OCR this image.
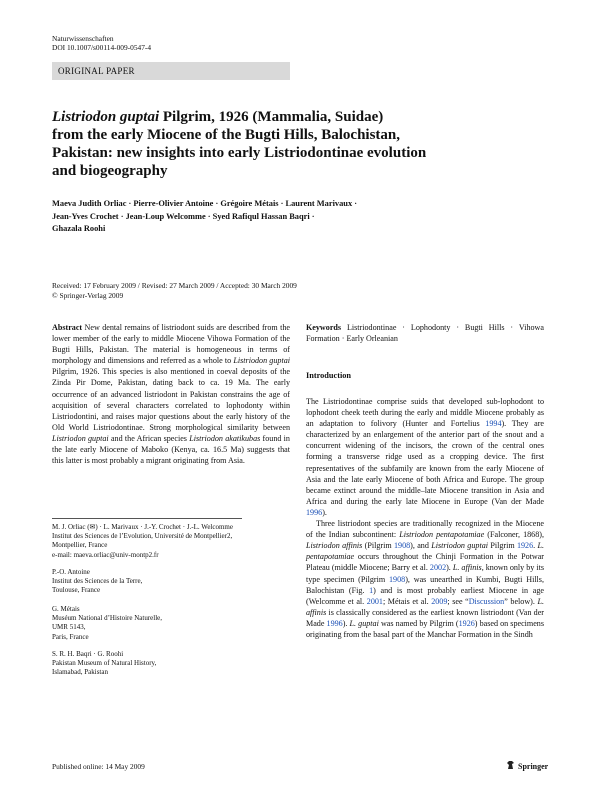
Naturwissenschaften
DOI 10.1007/s00114-009-0547-4
ORIGINAL PAPER
Listriodon guptai Pilgrim, 1926 (Mammalia, Suidae)
from the early Miocene of the Bugti Hills, Balochistan,
Pakistan: new insights into early Listriodontinae evolution
and biogeography
Maeva Judith Orliac · Pierre-Olivier Antoine · Grégoire Métais · Laurent Marivaux ·
Jean-Yves Crochet · Jean-Loup Welcomme · Syed Rafiqul Hassan Baqri ·
Ghazala Roohi
Received: 17 February 2009 / Revised: 27 March 2009 / Accepted: 30 March 2009
© Springer-Verlag 2009
Abstract New dental remains of listriodont suids are described from the lower member of the early to middle Miocene Vihowa Formation of the Bugti Hills, Pakistan. The material is homogeneous in terms of morphology and dimensions and referred as a whole to Listriodon guptai Pilgrim, 1926. This species is also mentioned in coeval deposits of the Zinda Pir Dome, Pakistan, dating back to ca. 19 Ma. The early occurrence of an advanced listriodont in Pakistan constrains the age of acquisition of several characters correlated to lophodonty within Listriodontini, and raises major questions about the early history of the Old World Listriodontinae. Strong morphological similarity between Listriodon guptai and the African species Listriodon akatikubas found in the late early Miocene of Maboko (Kenya, ca. 16.5 Ma) suggests that this latter is most probably a migrant originating from Asia.
Keywords Listriodontinae · Lophodonty · Bugti Hills · Vihowa Formation · Early Orleanian
Introduction

The Listriodontinae comprise suids that developed sub-lophodont to lophodont cheek teeth during the early and middle Miocene probably as an adaptation to folivory (Hunter and Fortelius 1994). They are characterized by an enlargement of the anterior part of the snout and a concurrent widening of the incisors, the crown of the central ones forming a transverse ridge used as a cropping device. The first representatives of the subfamily are known from the early Miocene of Asia and the late early Miocene of both Africa and Europe. The group became extinct around the middle–late Miocene transition in Asia and Africa and during the early late Miocene in Europe (Van der Made 1996).

Three listriodont species are traditionally recognized in the Miocene of the Indian subcontinent: Listriodon pentapotamiae (Falconer, 1868), Listriodon affinis (Pilgrim 1908), and Listriodon guptai Pilgrim 1926. L. pentapotamiae occurs throughout the Chinji Formation in the Potwar Plateau (middle Miocene; Barry et al. 2002). L. affinis, known only by its type specimen (Pilgrim 1908), was unearthed in Kumbi, Bugti Hills, Balochistan (Fig. 1) and is most probably earliest Miocene in age (Welcomme et al. 2001; Métais et al. 2009; see “Discussion” below). L. affinis is classically considered as the earliest known listriodont (Van der Made 1996). L. guptai was named by Pilgrim (1926) based on specimens originating from the basal part of the Manchar Formation in the Sindh

M. J. Orliac (✉) · L. Marivaux · J.-Y. Crochet · J.-L. Welcomme
Institut des Sciences de l’Evolution, Université de Montpellier2,
Montpellier, France
e-mail: maeva.orliac@univ-montp2.fr
P.-O. Antoine
Institut des Sciences de la Terre,
Toulouse, France
G. Métais
Muséum National d’Histoire Naturelle,
UMR 5143,
Paris, France
S. R. H. Baqri · G. Roohi
Pakistan Museum of Natural History,
Islamabad, Pakistan
Published online: 14 May 2009	Springer
